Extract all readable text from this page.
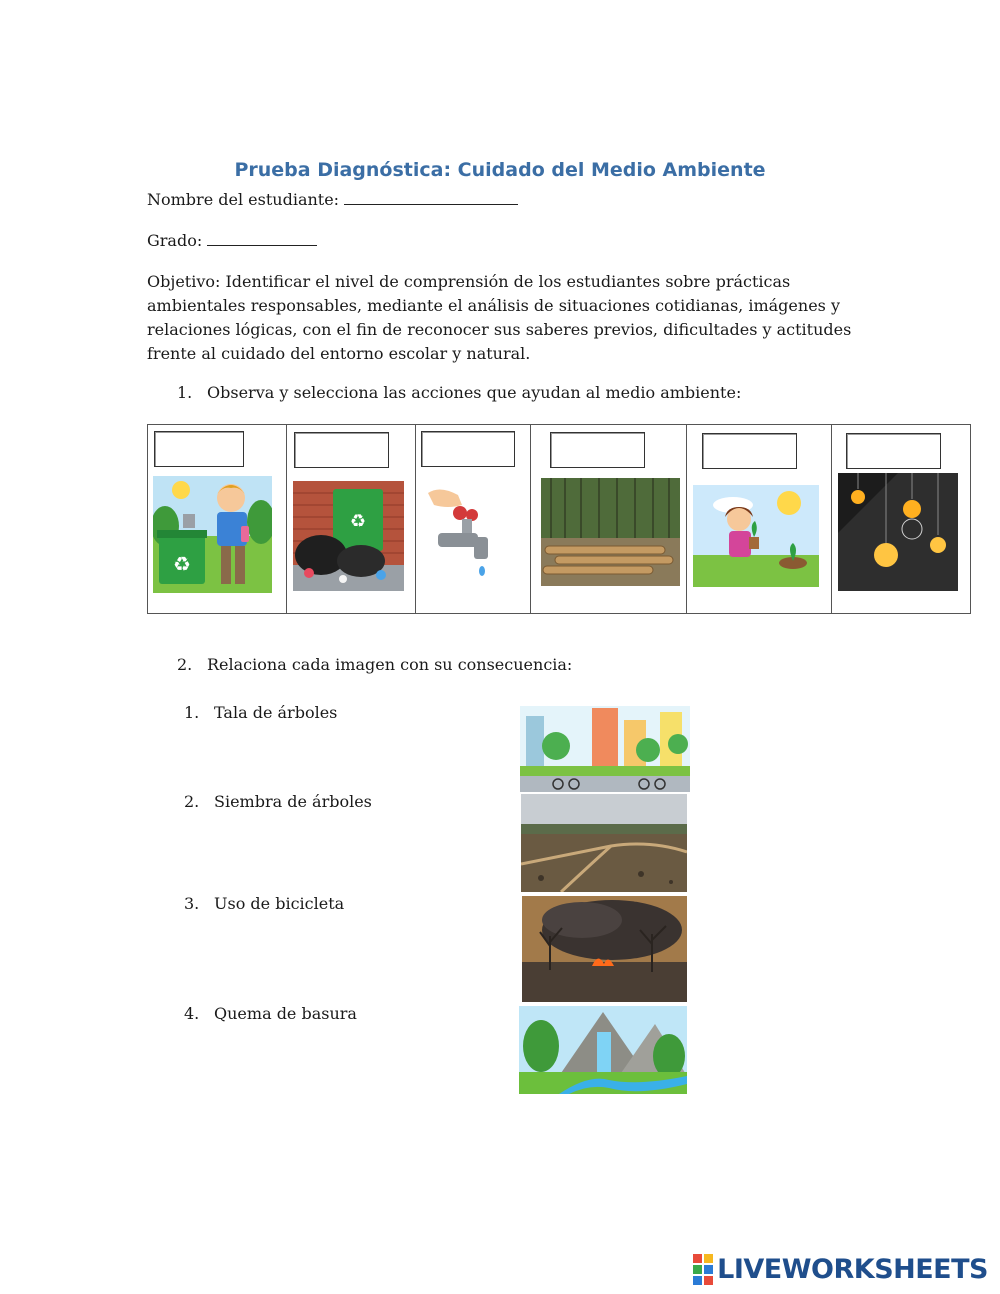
Prueba Diagnóstica: Cuidado del Medio Ambiente
Nombre del estudiante:
Grado:
Objetivo: Identificar el nivel de comprensión de los estudiantes sobre prácticas ambientales responsables, mediante el análisis de situaciones cotidianas, imágenes y relaciones lógicas, con el fin de reconocer sus saberes previos, dificultades y actitudes frente al cuidado del entorno escolar y natural.
1. Observa y selecciona las acciones que ayudan al medio ambiente:
♻

♻

2. Relaciona cada imagen con su consecuencia:
1. Tala de árboles
2. Siembra de árboles
3. Uso de bicicleta
4. Quema de basura
LIVEWORKSHEETS
